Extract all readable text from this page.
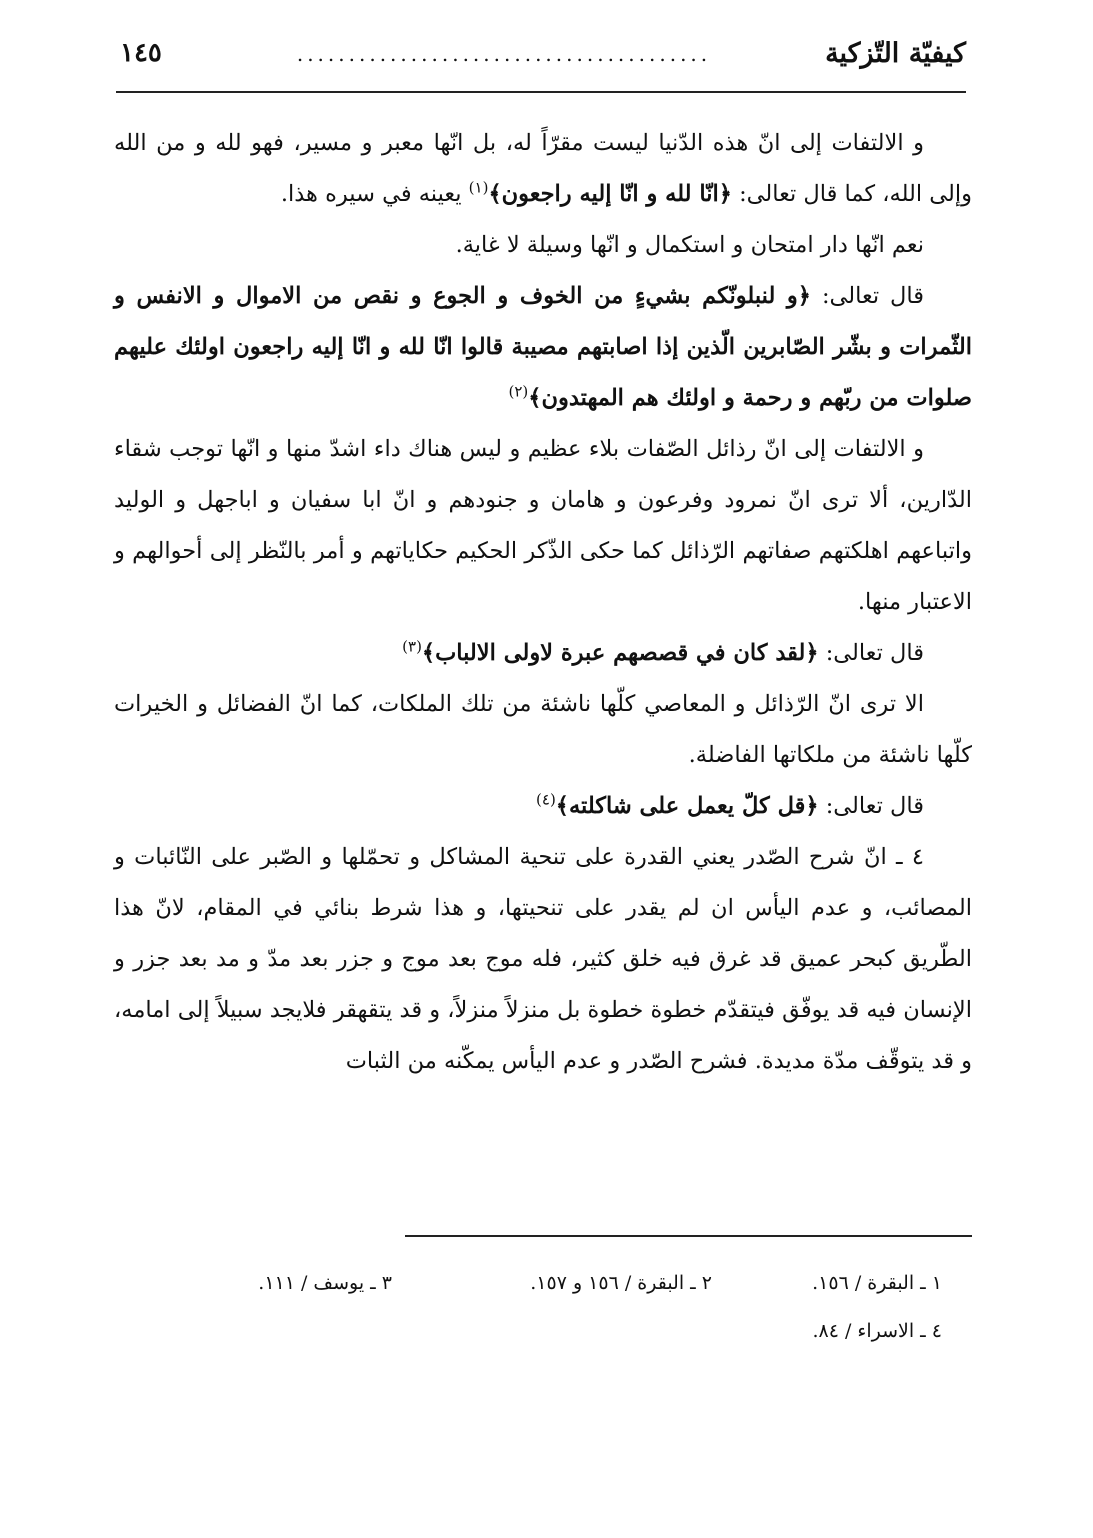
كيفيّة التّزكية
........................................
١٤٥

و الالتفات إلى انّ هذه الدّنيا ليست مقرّاً له، بل انّها معبر و مسير، فهو لله و من الله وإلى الله، كما قال تعالى: ﴿انّا لله و انّا إليه راجعون﴾$^{(١)}$ يعينه في سيره هذا.

نعم انّها دار امتحان و استكمال و انّها وسيلة لا غاية.

قال تعالى: ﴿و لنبلونّكم بشيءٍ من الخوف و الجوع و نقص من الاموال و الانفس و الثّمرات و بشّر الصّابرين الّذين إذا اصابتهم مصيبة قالوا انّا لله و انّا إليه راجعون اولئك عليهم صلوات من ربّهم و رحمة و اولئك هم المهتدون﴾$^{(٢)}$

و الالتفات إلى انّ رذائل الصّفات بلاء عظيم و ليس هناك داء اشدّ منها و انّها توجب شقاء الدّارين، ألا ترى انّ نمرود وفرعون و هامان و جنودهم و انّ ابا سفيان و اباجهل و الوليد واتباعهم اهلكتهم صفاتهم الرّذائل كما حكى الذّكر الحكيم حكاياتهم و أمر بالنّظر إلى أحوالهم و الاعتبار منها.

قال تعالى: ﴿لقد كان في قصصهم عبرة لاولى الالباب﴾$^{(٣)}$

الا ترى انّ الرّذائل و المعاصي كلّها ناشئة من تلك الملكات، كما انّ الفضائل و الخيرات كلّها ناشئة من ملكاتها الفاضلة.

قال تعالى: ﴿قل كلّ يعمل على شاكلته﴾$^{(٤)}$

٤ ـ انّ شرح الصّدر يعني القدرة على تنحية المشاكل و تحمّلها و الصّبر على النّائبات و المصائب، و عدم اليأس ان لم يقدر على تنحيتها، و هذا شرط بنائي في المقام، لانّ هذا الطّريق كبحر عميق قد غرق فيه خلق كثير، فله موج بعد موج و جزر بعد مدّ و مد بعد جزر و الإنسان فيه قد يوفّق فيتقدّم خطوة خطوة بل منزلاً منزلاً، و قد يتقهقر فلايجد سبيلاً إلى امامه، و قد يتوقّف مدّة مديدة. فشرح الصّدر و عدم اليأس يمكّنه من الثبات

١ ـ البقرة / ١٥٦.
٢ ـ البقرة / ١٥٦ و ١٥٧.
٣ ـ يوسف / ١١١.
٤ ـ الاسراء / ٨٤.
